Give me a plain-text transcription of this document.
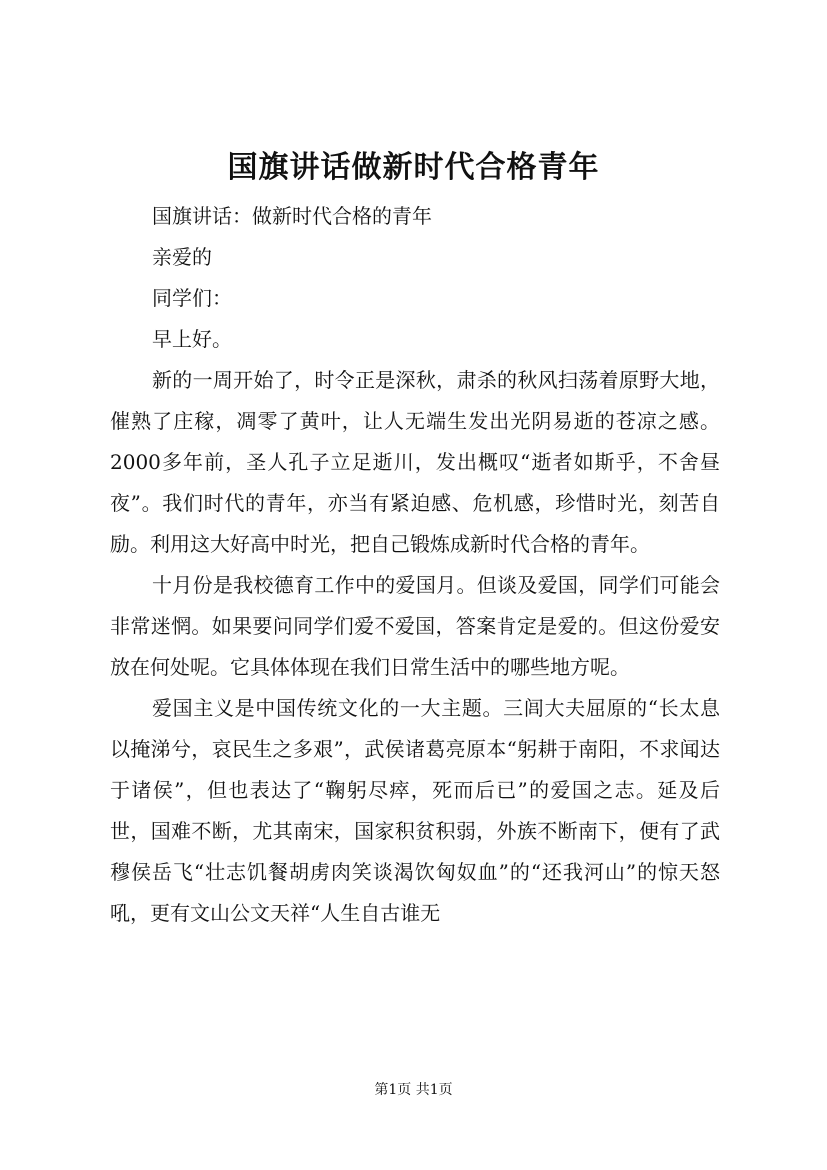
国旗讲话做新时代合格青年

国旗讲话：做新时代合格的青年

亲爱的

同学们：

早上好。

新的一周开始了，时令正是深秋，肃杀的秋风扫荡着原野大地，催熟了庄稼，凋零了黄叶，让人无端生发出光阴易逝的苍凉之感。2000多年前，圣人孔子立足逝川，发出概叹“逝者如斯乎，不舍昼夜”。我们时代的青年，亦当有紧迫感、危机感，珍惜时光，刻苦自励。利用这大好高中时光，把自己锻炼成新时代合格的青年。

十月份是我校德育工作中的爱国月。但谈及爱国，同学们可能会非常迷惘。如果要问同学们爱不爱国，答案肯定是爱的。但这份爱安放在何处呢。它具体体现在我们日常生活中的哪些地方呢。

爱国主义是中国传统文化的一大主题。三闾大夫屈原的“长太息以掩涕兮，哀民生之多艰”，武侯诸葛亮原本“躬耕于南阳，不求闻达于诸侯”，但也表达了“鞠躬尽瘁，死而后已”的爱国之志。延及后世，国难不断，尤其南宋，国家积贫积弱，外族不断南下，便有了武穆侯岳飞“壮志饥餐胡虏肉笑谈渴饮匈奴血”的“还我河山”的惊天怒吼，更有文山公文天祥“人生自古谁无

第1页 共1页
